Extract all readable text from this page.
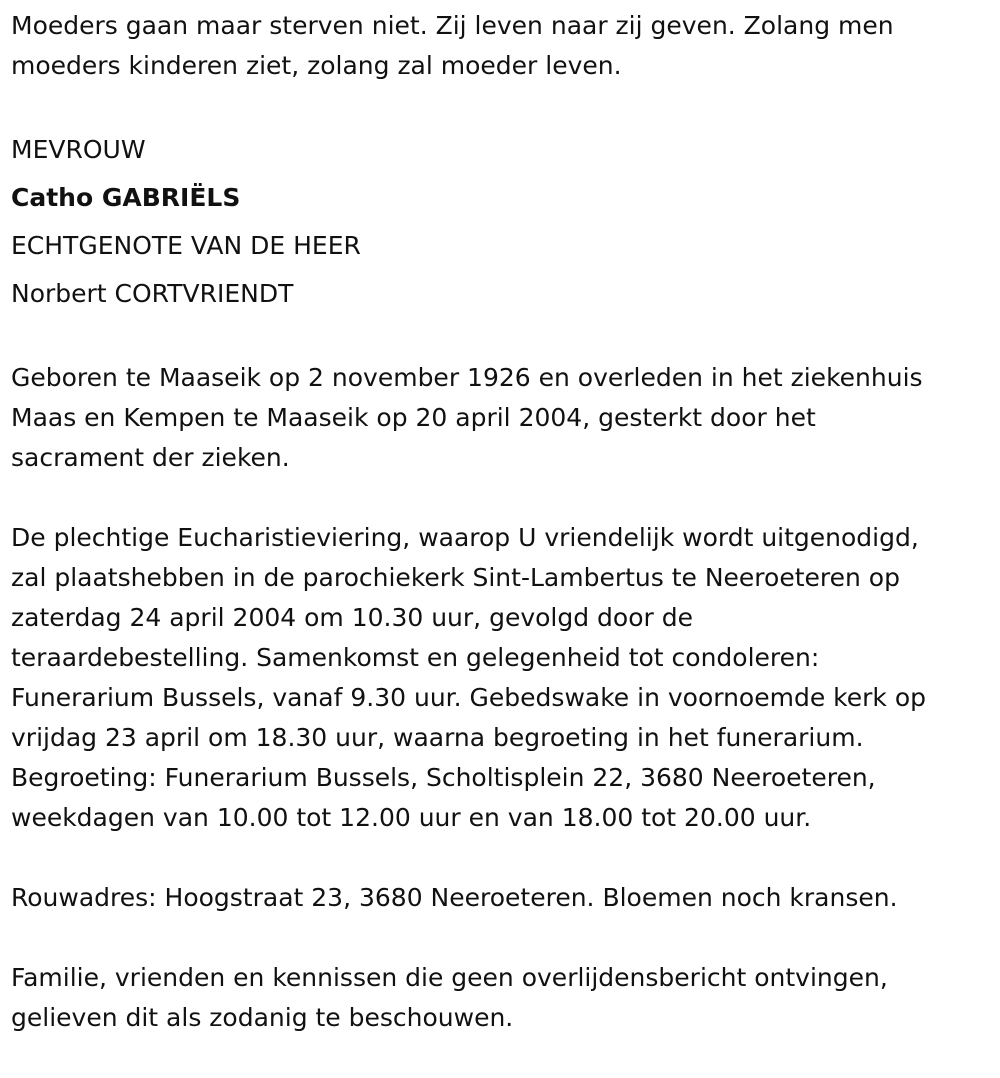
Moeders gaan maar sterven niet. Zij leven naar zij geven. Zolang men
moeders kinderen ziet, zolang zal moeder leven.
MEVROUW
Catho GABRIËLS
ECHTGENOTE VAN DE HEER
Norbert CORTVRIENDT
Geboren te Maaseik op 2 november 1926 en overleden in het ziekenhuis
Maas en Kempen te Maaseik op 20 april 2004, gesterkt door het
sacrament der zieken.
De plechtige Eucharistieviering, waarop U vriendelijk wordt uitgenodigd,
zal plaatshebben in de parochiekerk Sint-Lambertus te Neeroeteren op
zaterdag 24 april 2004 om 10.30 uur, gevolgd door de
teraardebestelling. Samenkomst en gelegenheid tot condoleren:
Funerarium Bussels, vanaf 9.30 uur. Gebedswake in voornoemde kerk op
vrijdag 23 april om 18.30 uur, waarna begroeting in het funerarium.
Begroeting: Funerarium Bussels, Scholtisplein 22, 3680 Neeroeteren,
weekdagen van 10.00 tot 12.00 uur en van 18.00 tot 20.00 uur.
Rouwadres: Hoogstraat 23, 3680 Neeroeteren. Bloemen noch kransen.
Familie, vrienden en kennissen die geen overlijdensbericht ontvingen,
gelieven dit als zodanig te beschouwen.
